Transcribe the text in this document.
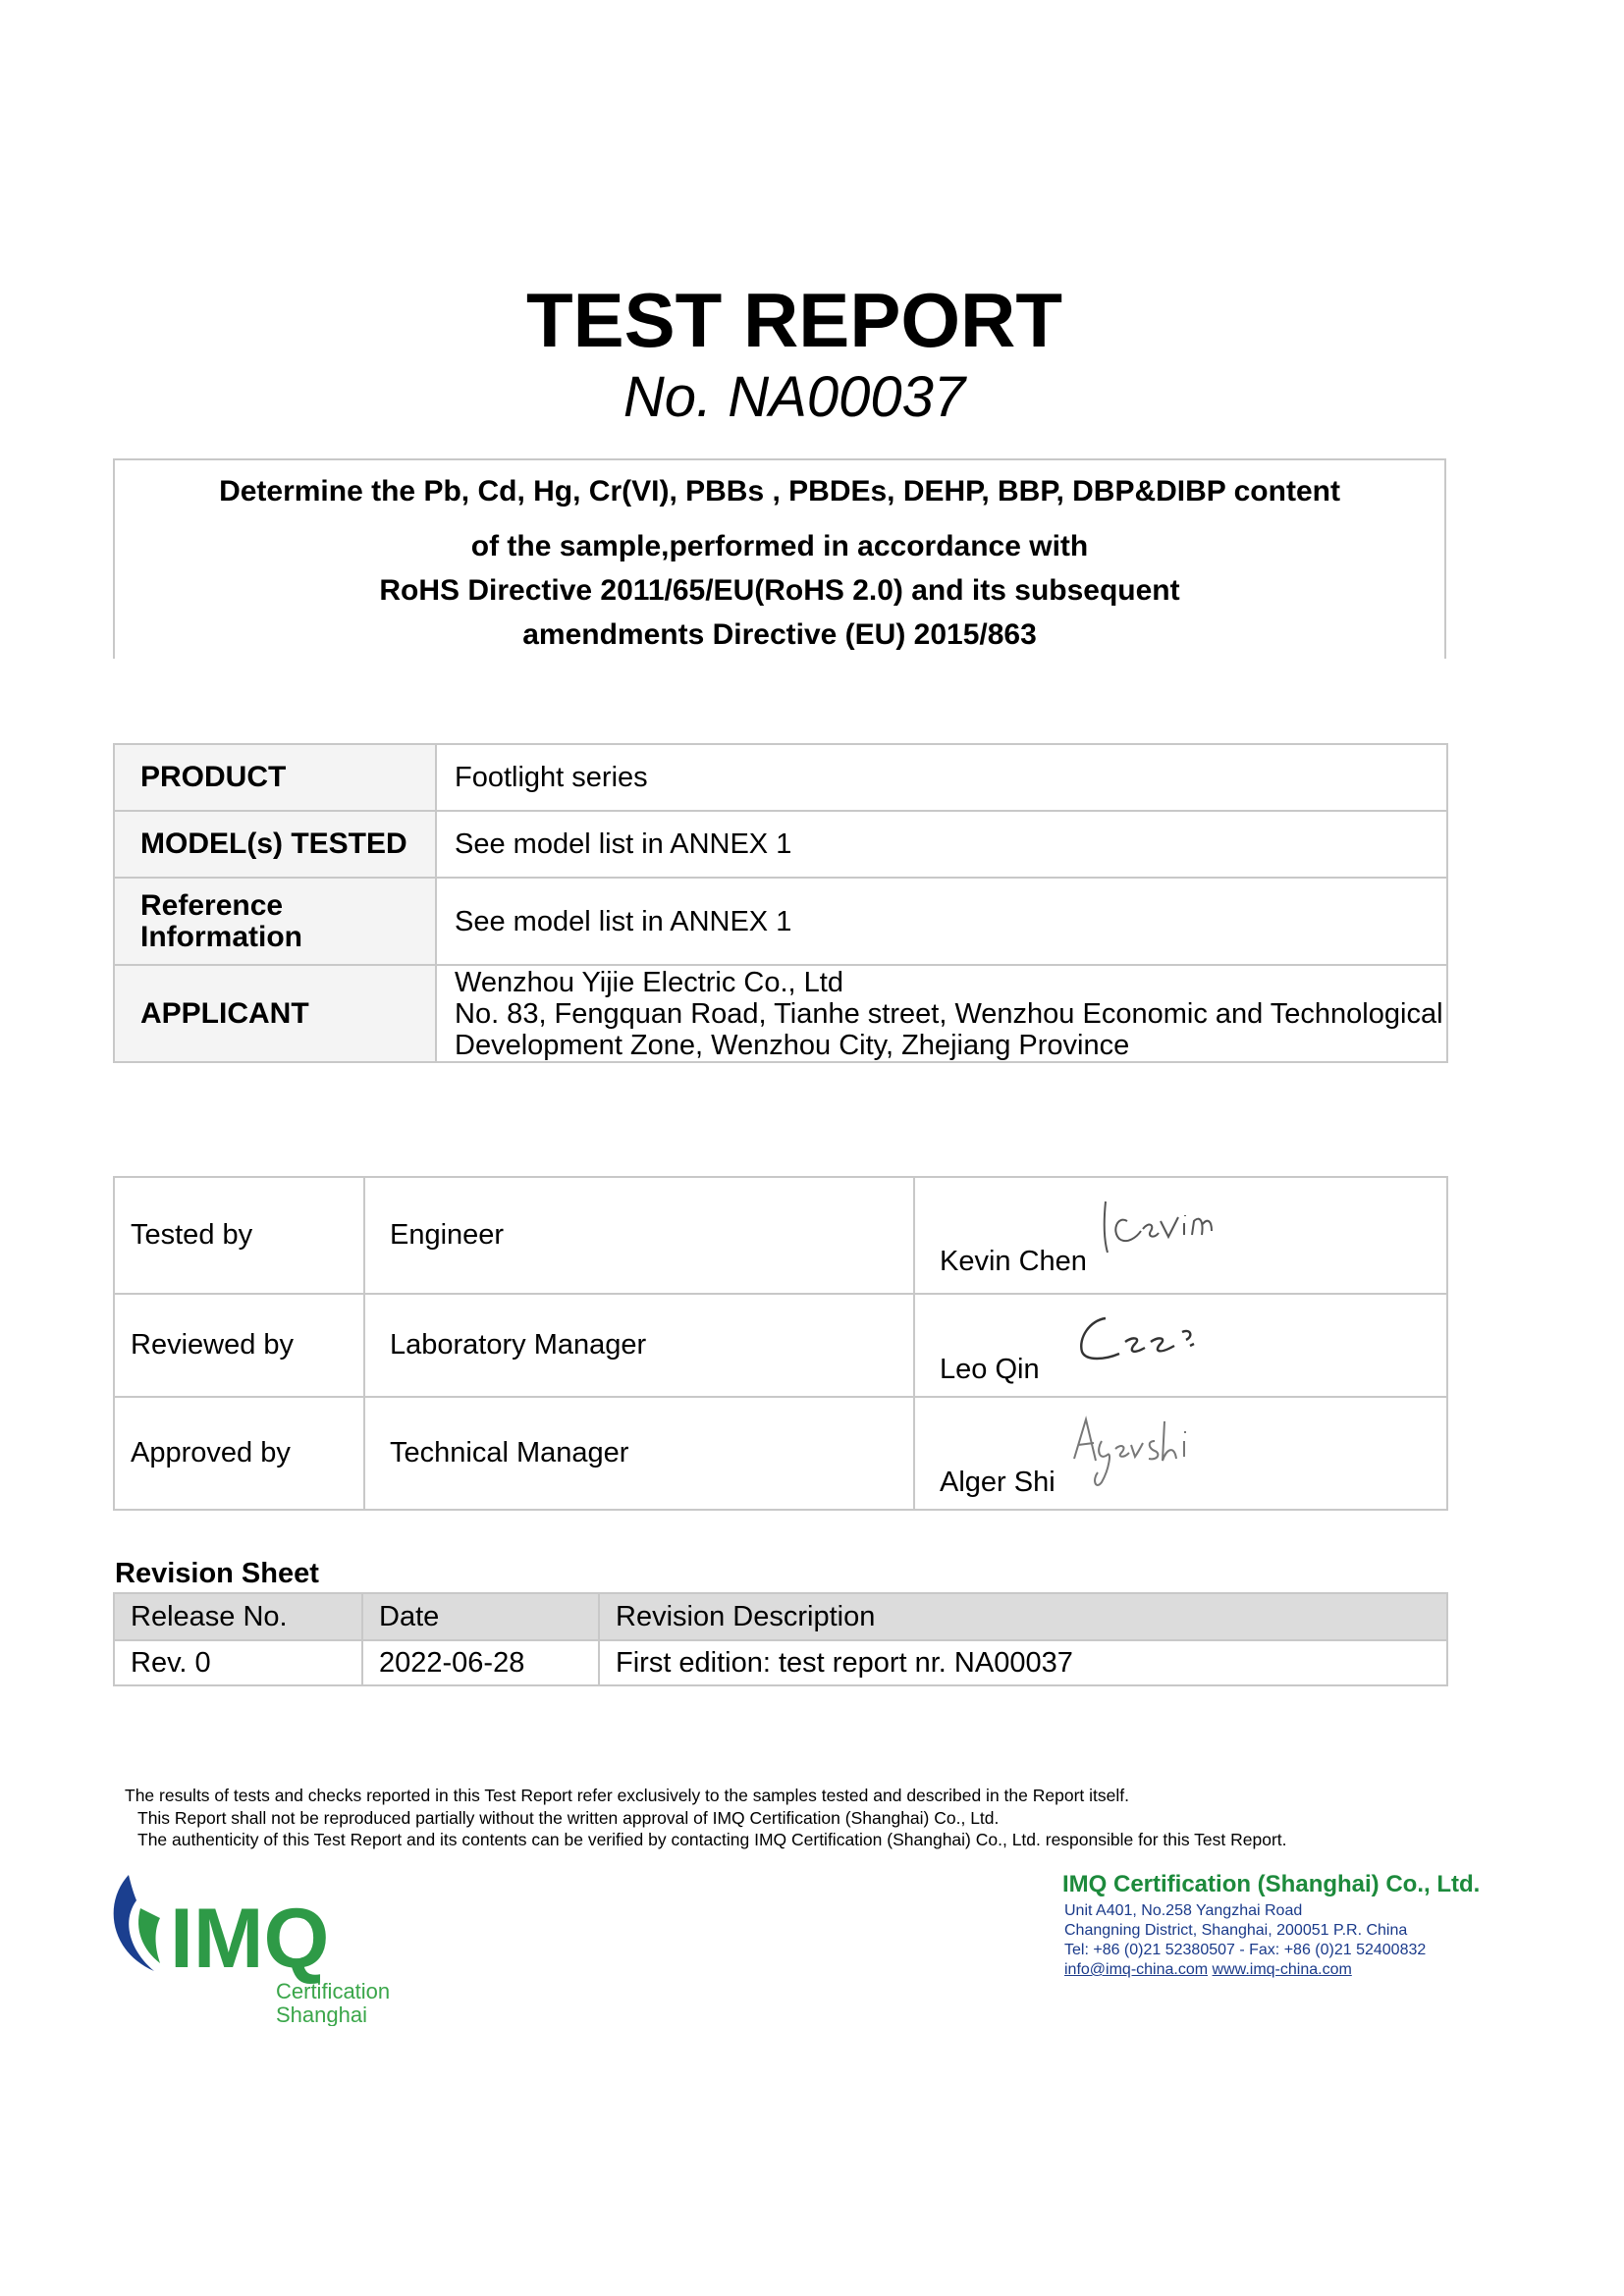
TEST REPORT
No. NA00037
Determine the Pb, Cd, Hg, Cr(VI), PBBs , PBDEs, DEHP, BBP, DBP&DIBP content
of the sample,performed in accordance with
RoHS Directive 2011/65/EU(RoHS 2.0) and its subsequent
amendments Directive (EU) 2015/863
PRODUCT	Footlight series
MODEL(s) TESTED	See model list in ANNEX 1

Reference
Information	See model list in ANNEX 1
APPLICANT	Wenzhou Yijie Electric Co., Ltd
No. 83, Fengquan Road, Tianhe street, Wenzhou Economic and Technological
Development Zone, Wenzhou City, Zhejiang Province
Tested by	Engineer	Kevin Chen

Reviewed by	Laboratory Manager	Leo Qin

Approved by	Technical Manager	Alger Shi
Revision Sheet
Release No.	Date	Revision Description
Rev. 0	2022-06-28	First edition: test report nr. NA00037
The results of tests and checks reported in this Test Report refer exclusively to the samples tested and described in the Report itself.
This Report shall not be reproduced partially without the written approval of IMQ Certification (Shanghai) Co., Ltd.
The authenticity of this Test Report and its contents can be verified by contacting IMQ Certification (Shanghai) Co., Ltd. responsible for this Test Report.
IMQ
Certification
Shanghai
IMQ Certification (Shanghai) Co., Ltd.
Unit A401, No.258 Yangzhai Road
Changning District, Shanghai, 200051 P.R. China
Tel: +86 (0)21 52380507 - Fax: +86 (0)21 52400832
info@imq-china.com www.imq-china.com
